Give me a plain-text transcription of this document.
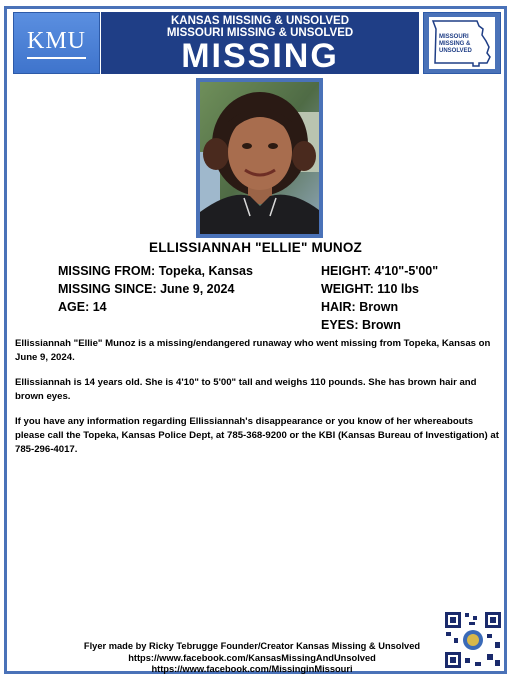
KMU
KANSAS MISSING & UNSOLVED
MISSOURI MISSING & UNSOLVED
MISSING	MISSOURI
MISSING &
UNSOLVED
ELLISSIANNAH "ELLIE" MUNOZ
MISSING FROM: Topeka, Kansas
MISSING SINCE: June 9, 2024
AGE: 14
HEIGHT: 4'10"-5'00"
WEIGHT: 110 lbs
HAIR: Brown
EYES: Brown

Ellissiannah "Ellie" Munoz is a missing/endangered runaway who went missing from Topeka, Kansas on June 9, 2024.

Ellissiannah is 14 years old. She is 4'10" to 5'00" tall and weighs 110 pounds. She has brown hair and brown eyes.

If you have any information regarding Ellissiannah's disappearance or you know of her whereabouts please call the Topeka, Kansas Police Dept, at 785-368-9200 or the KBI (Kansas Bureau of Investigation) at 785-296-4017.

Flyer made by Ricky Tebrugge Founder/Creator Kansas Missing & Unsolved
https://www.facebook.com/KansasMissingAndUnsolved
https://www.facebook.com/MissinginMissouri
